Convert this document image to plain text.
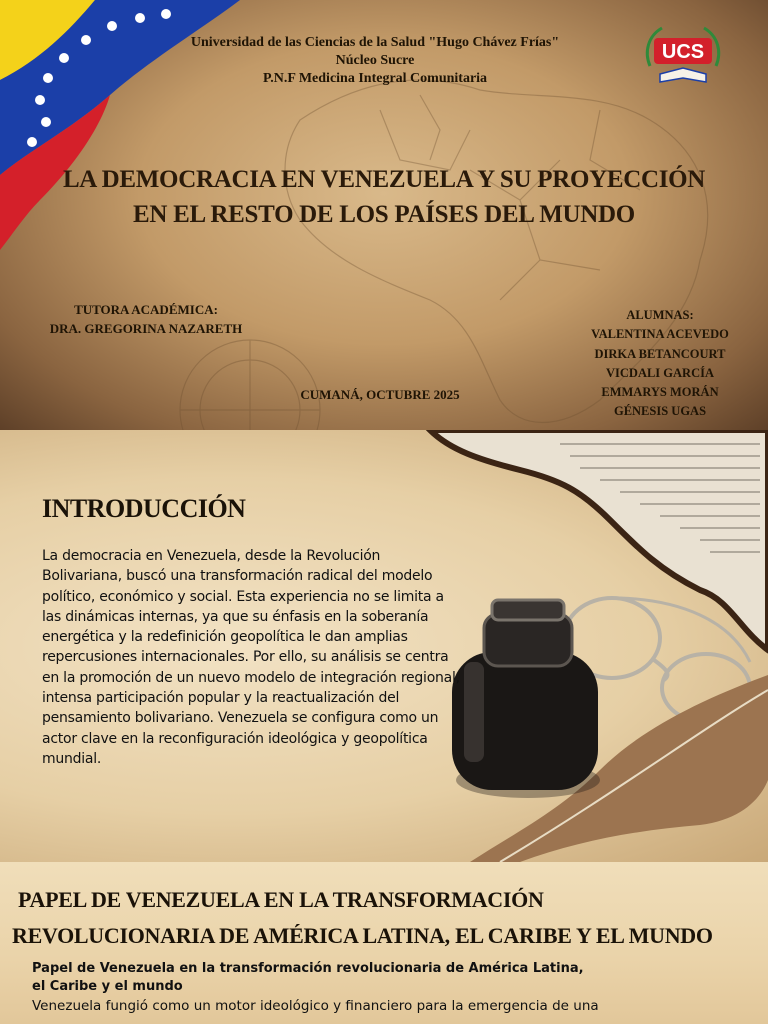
Universidad de las Ciencias de la Salud "Hugo Chávez Frías"
Núcleo Sucre
P.N.F Medicina Integral Comunitaria
UCS
LA DEMOCRACIA EN VENEZUELA Y SU PROYECCIÓN
EN EL RESTO DE LOS PAÍSES DEL MUNDO
TUTORA ACADÉMICA:
DRA. GREGORINA NAZARETH
CUMANÁ, OCTUBRE 2025
ALUMNAS:
VALENTINA ACEVEDO
DIRKA BETANCOURT
VICDALI GARCÍA
EMMARYS MORÁN
GÉNESIS UGAS
INTRODUCCIÓN

La democracia en Venezuela, desde la Revolución Bolivariana, buscó una transformación radical del modelo político, económico y social. Esta experiencia no se limita a las dinámicas internas, ya que su énfasis en la soberanía energética y la redefinición geopolítica le dan amplias repercusiones internacionales. Por ello, su análisis se centra en la promoción de un nuevo modelo de integración regional, intensa participación popular y la reactualización del pensamiento bolivariano. Venezuela se configura como un actor clave en la reconfiguración ideológica y geopolítica mundial.

PAPEL DE VENEZUELA EN LA TRANSFORMACIÓN
REVOLUCIONARIA DE AMÉRICA LATINA, EL CARIBE Y EL MUNDO
Papel de Venezuela en la transformación revolucionaria de América Latina, el Caribe y el mundo
Venezuela fungió como un motor ideológico y financiero para la emergencia de una
